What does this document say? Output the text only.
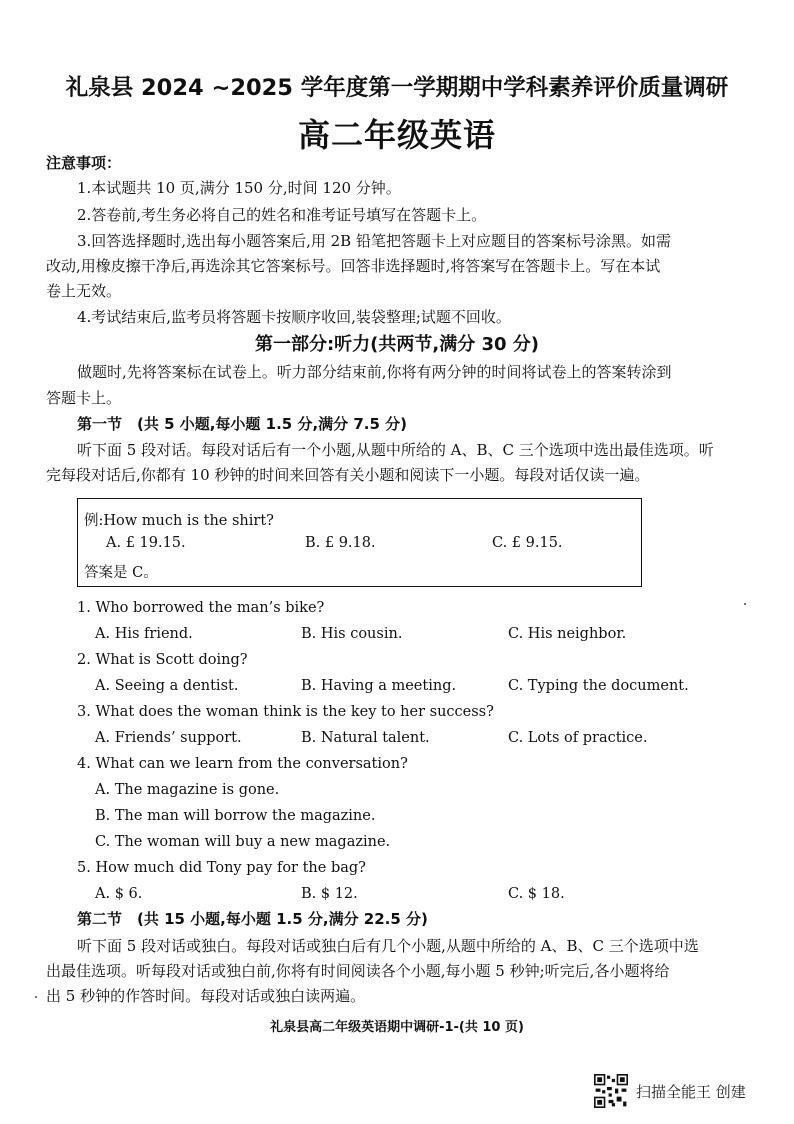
礼泉县 2024 ~2025 学年度第一学期期中学科素养评价质量调研
高二年级英语
注意事项：
1.本试题共 10 页,满分 150 分,时间 120 分钟。
2.答卷前,考生务必将自己的姓名和准考证号填写在答题卡上。
3.回答选择题时,选出每小题答案后,用 2B 铅笔把答题卡上对应题目的答案标号涂黑。如需
改动,用橡皮擦干净后,再选涂其它答案标号。回答非选择题时,将答案写在答题卡上。写在本试
卷上无效。
4.考试结束后,监考员将答题卡按顺序收回,装袋整理;试题不回收。
第一部分:听力(共两节,满分 30 分)
做题时,先将答案标在试卷上。听力部分结束前,你将有两分钟的时间将试卷上的答案转涂到
答题卡上。
第一节　(共 5 小题,每小题 1.5 分,满分 7.5 分)
听下面 5 段对话。每段对话后有一个小题,从题中所给的 A、B、C 三个选项中选出最佳选项。听
完每段对话后,你都有 10 秒钟的时间来回答有关小题和阅读下一小题。每段对话仅读一遍。
例:How much is the shirt?
A. £ 19.15.	B. £ 9.18.	C. £ 9.15.
答案是 C。
1. Who borrowed the man’s bike?
A. His friend.	B. His cousin.	C. His neighbor.
2. What is Scott doing?
A. Seeing a dentist.	B. Having a meeting.	C. Typing the document.
3. What does the woman think is the key to her success?
A. Friends’ support.	B. Natural talent.	C. Lots of practice.
4. What can we learn from the conversation?
A. The magazine is gone.
B. The man will borrow the magazine.
C. The woman will buy a new magazine.
5. How much did Tony pay for the bag?
A. $ 6.	B. $ 12.	C. $ 18.
第二节　(共 15 小题,每小题 1.5 分,满分 22.5 分)
听下面 5 段对话或独白。每段对话或独白后有几个小题,从题中所给的 A、B、C 三个选项中选
出最佳选项。听每段对话或独白前,你将有时间阅读各个小题,每小题 5 秒钟;听完后,各小题将给
出 5 秒钟的作答时间。每段对话或独白读两遍。
礼泉县高二年级英语期中调研-1-(共 10 页)
扫描全能王 创建
